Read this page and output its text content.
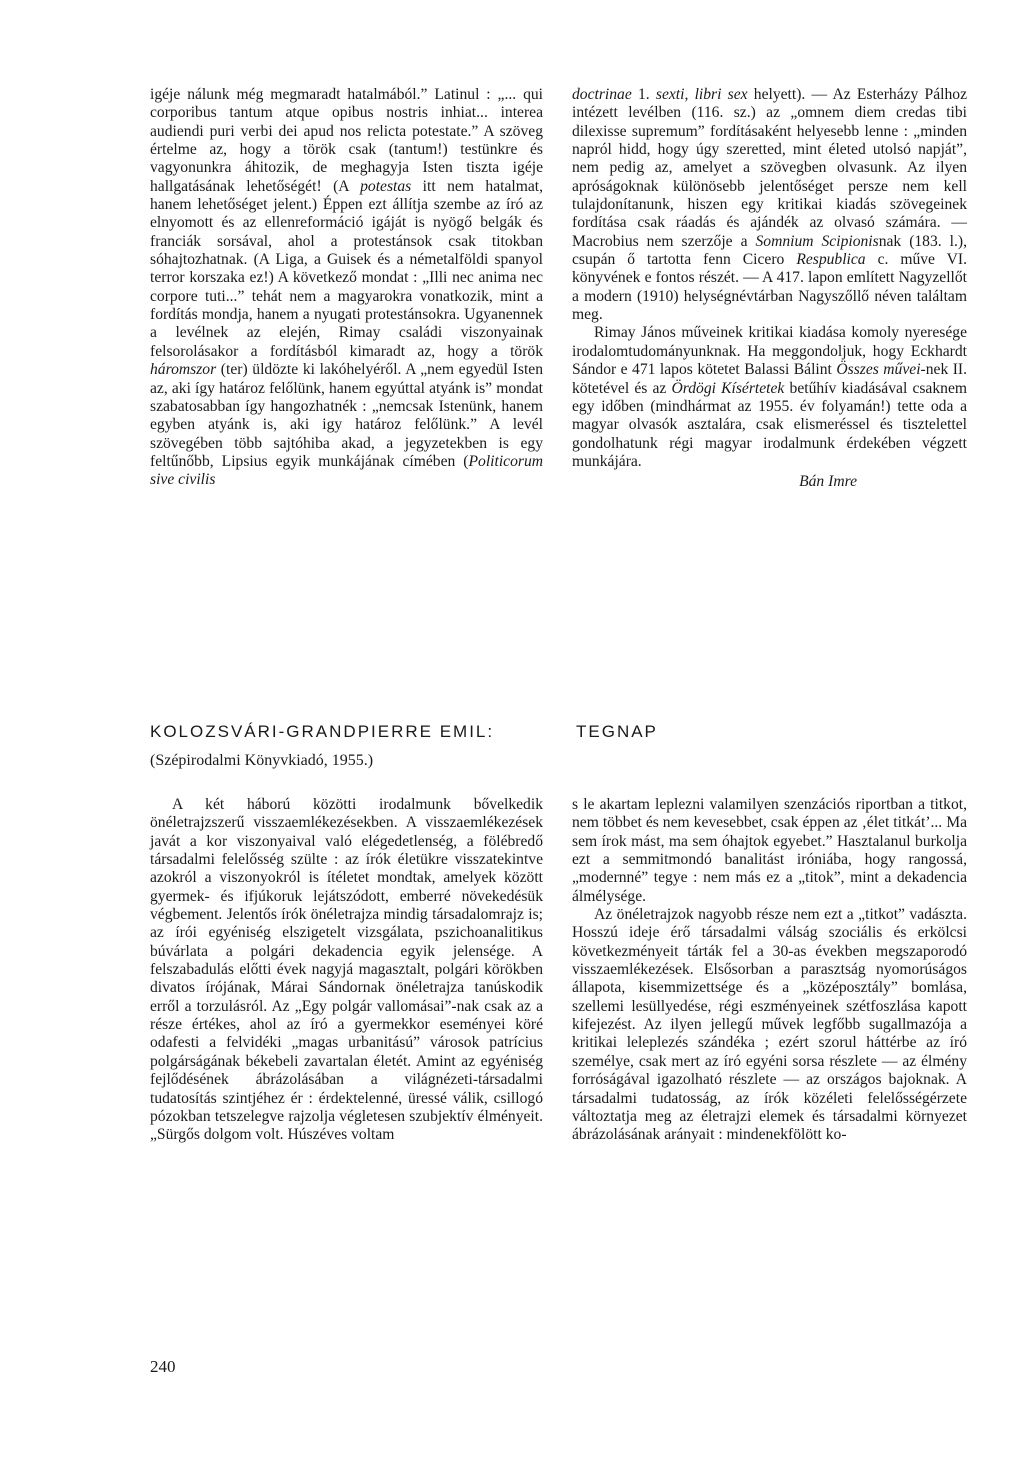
igéje nálunk még megmaradt hatalmából.” Latinul : „... qui corporibus tantum atque opibus nostris inhiat... interea audiendi puri verbi dei apud nos relicta potestate.” A szöveg értelme az, hogy a török csak (tantum!) testünkre és vagyonunkra áhitozik, de meghagyja Isten tiszta igéje hallgatásának lehetőségét! (A potestas itt nem hatalmat, hanem lehetőséget jelent.) Éppen ezt állítja szembe az író az elnyomott és az ellenreformáció igáját is nyögő belgák és franciák sorsával, ahol a protestánsok csak titokban sóhajtozhatnak. (A Liga, a Guisek és a németalföldi spanyol terror korszaka ez!) A következő mondat : „Illi nec anima nec corpore tuti...” tehát nem a magyarokra vonatkozik, mint a fordítás mondja, hanem a nyugati protestánsokra. Ugyanennek a levélnek az elején, Rimay családi viszonyainak felsorolásakor a fordításból kimaradt az, hogy a török háromszor (ter) üldözte ki lakóhelyéről. A „nem egyedül Isten az, aki így határoz felőlünk, hanem egyúttal atyánk is” mondat szabatosabban így hangozhatnék : „nemcsak Istenünk, hanem egyben atyánk is, aki igy határoz felőlünk.” A levél szövegében több sajtóhiba akad, a jegyzetekben is egy feltűnőbb, Lipsius egyik munkájának címében (Politicorum sive civilis

doctrinae 1. sexti, libri sex helyett). — Az Esterházy Pálhoz intézett levélben (116. sz.) az „omnem diem credas tibi dilexisse supremum” fordításaként helyesebb lenne : „minden napról hidd, hogy úgy szeretted, mint életed utolsó napját”, nem pedig az, amelyet a szövegben olvasunk. Az ilyen apróságoknak különösebb jelentőséget persze nem kell tulajdonítanunk, hiszen egy kritikai kiadás szövegeinek fordítása csak ráadás és ajándék az olvasó számára. — Macrobius nem szerzője a Somnium Scipionisnak (183. l.), csupán ő tartotta fenn Cicero Respublica c. műve VI. könyvének e fontos részét. — A 417. lapon említett Nagyzellőt a modern (1910) helységnévtárban Nagyszőllő néven találtam meg.

Rimay János műveinek kritikai kiadása komoly nyeresége irodalomtudományunknak. Ha meggondoljuk, hogy Eckhardt Sándor e 471 lapos kötetet Balassi Bálint Összes művei-nek II. kötetével és az Ördögi Kísértetek betűhív kiadásával csaknem egy időben (mindhármat az 1955. év folyamán!) tette oda a magyar olvasók asztalára, csak elismeréssel és tisztelettel gondolhatunk régi magyar irodalmunk érdekében végzett munkájára.

Bán Imre

KOLOZSVÁRI-GRANDPIERRE EMIL:	TEGNAP
(Szépirodalmi Könyvkiadó, 1955.)

A két háború közötti irodalmunk bővelkedik önéletrajzszerű visszaemlékezésekben. A visszaemlékezések javát a kor viszonyaival való elégedetlenség, a fölébredő társadalmi felelősség szülte : az írók életükre visszatekintve azokról a viszonyokról is ítéletet mondtak, amelyek között gyermek- és ifjúkoruk lejátszódott, emberré növekedésük végbement. Jelentős írók önéletrajza mindig társadalomrajz is; az írói egyéniség elszigetelt vizsgálata, pszichoanalitikus búvárlata a polgári dekadencia egyik jelensége. A felszabadulás előtti évek nagyjá magasztalt, polgári körökben divatos írójának, Márai Sándornak önéletrajza tanúskodik erről a torzulásról. Az „Egy polgár vallomásai”-nak csak az a része értékes, ahol az író a gyermekkor eseményei köré odafesti a felvidéki „magas urbanitású” városok patrícius polgárságának békebeli zavartalan életét. Amint az egyéniség fejlődésének ábrázolásában a világnézeti-társadalmi tudatosítás szintjéhez ér : érdektelenné, üressé válik, csillogó pózokban tetszelegve rajzolja végletesen szubjektív élményeit. „Sürgős dolgom volt. Húszéves voltam

s le akartam leplezni valamilyen szenzációs riportban a titkot, nem többet és nem kevesebbet, csak éppen az ‚élet titkát’... Ma sem írok mást, ma sem óhajtok egyebet.” Hasztalanul burkolja ezt a semmitmondó banalitást iróniába, hogy rangossá, „modernné” tegye : nem más ez a „titok”, mint a dekadencia álmélysége.

Az önéletrajzok nagyobb része nem ezt a „titkot” vadászta. Hosszú ideje érő társadalmi válság szociális és erkölcsi következményeit tárták fel a 30-as években megszaporodó visszaemlékezések. Elsősorban a parasztság nyomorúságos állapota, kisemmizettsége és a „középosztály” bomlása, szellemi lesüllyedése, régi eszményeinek szétfoszlása kapott kifejezést. Az ilyen jellegű művek legfőbb sugallmazója a kritikai leleplezés szándéka ; ezért szorul háttérbe az író személye, csak mert az író egyéni sorsa részlete — az élmény forróságával igazolható részlete — az országos bajoknak. A társadalmi tudatosság, az írók közéleti felelősségérzete változtatja meg az életrajzi elemek és társadalmi környezet ábrázolásának arányait : mindenekfölött ko-

240
